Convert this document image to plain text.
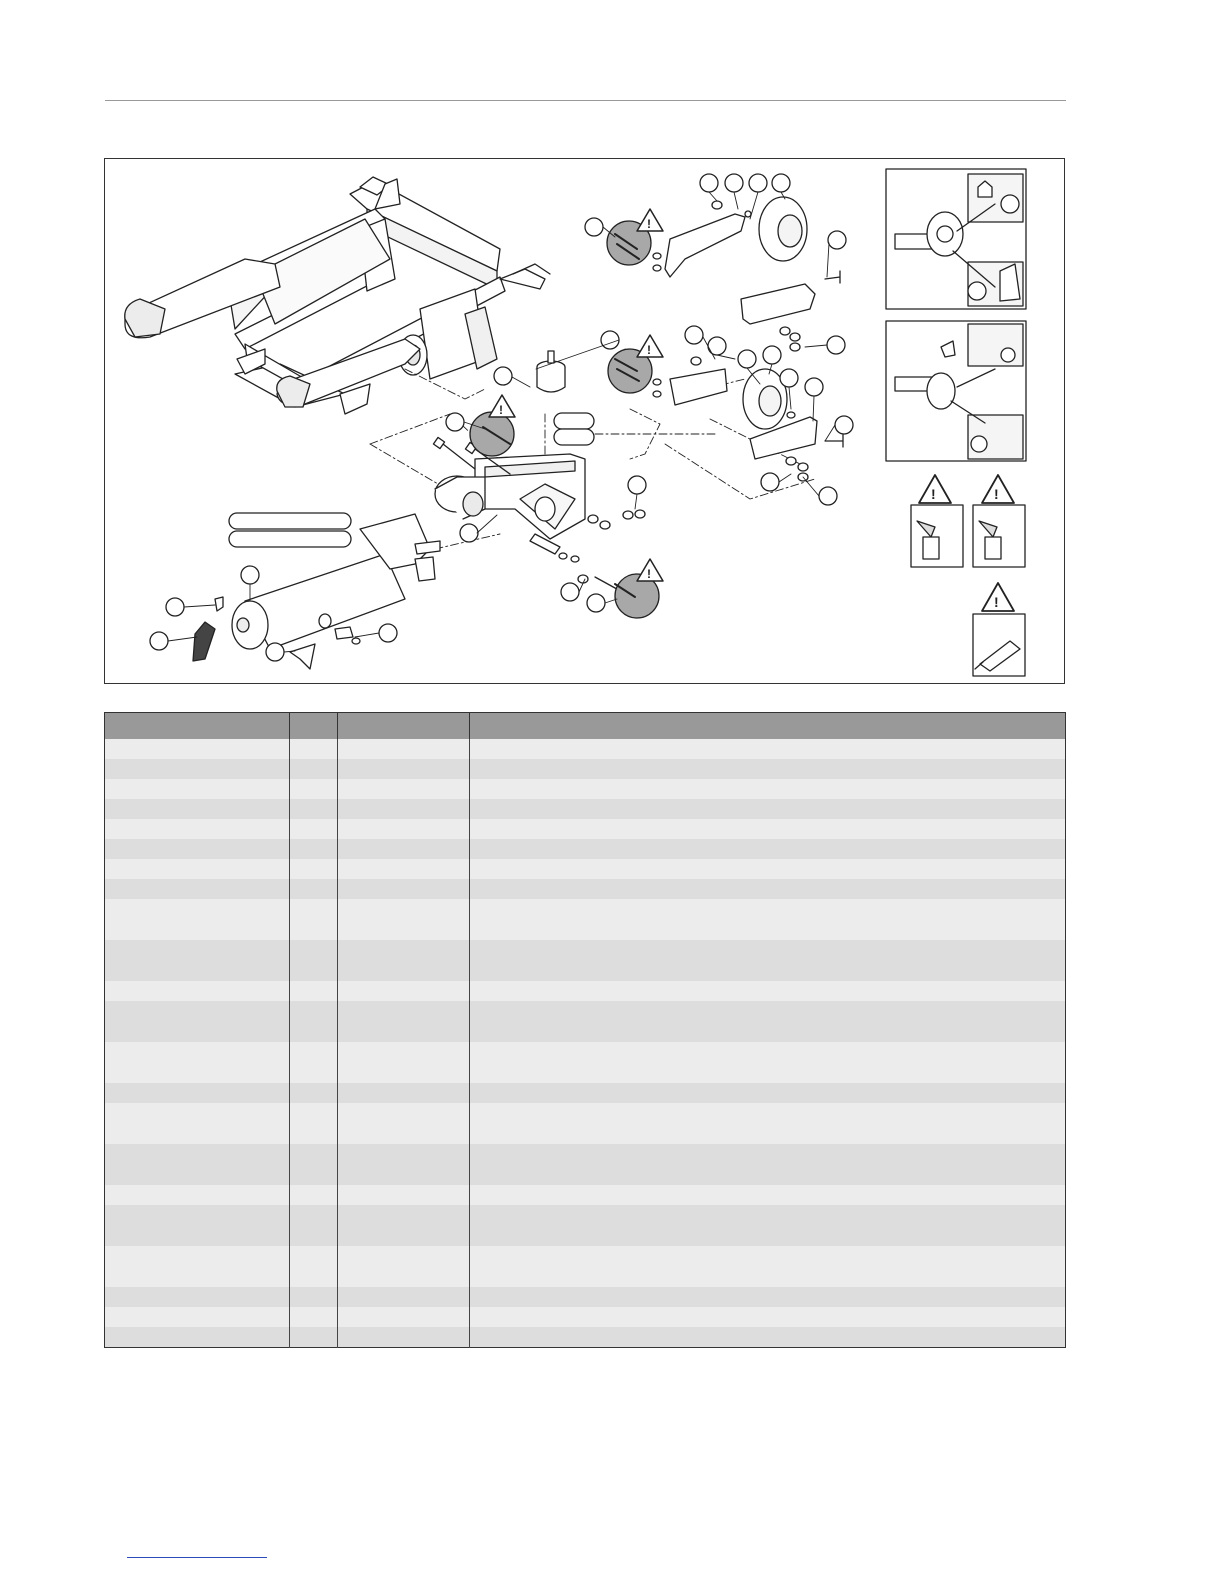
!
!
!
!
!	!
!
